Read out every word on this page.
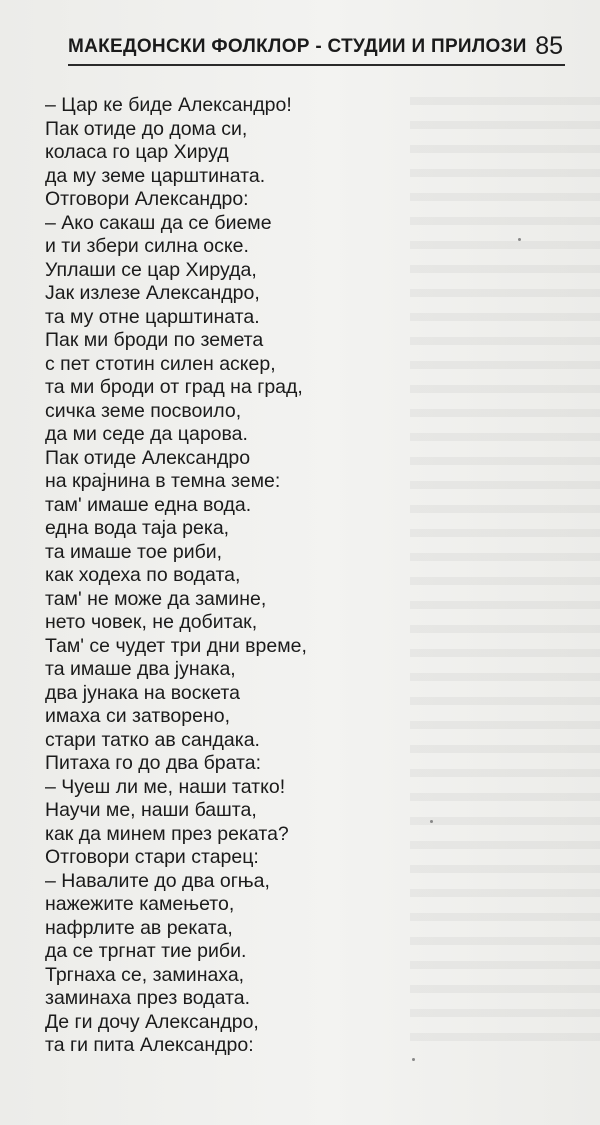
МАКЕДОНСКИ ФОЛКЛОР - СТУДИИ И ПРИЛОЗИ 85
– Цар ке биде Александро!
Пак отиде до дома си,
колаcа го цар Хируд
да му земе царштината.
Отговори Александро:
– Ако сакаш да се биеме
и ти збери силна оске.
Уплаши се цар Хируда,
Јак излезе Александро,
та му отне царштината.
Пак ми броди по земета
с пет стотин силен аскер,
та ми броди от град на град,
сичка земе посвоило,
да ми седе да царова.
Пак отиде Александро
на крајнина в темна земе:
там' имаше една вода.
една вода таја река,
та имаше тое риби,
как ходеха по водата,
там' не може да замине,
нето човек, не добитак,
Там' се чудет три дни време,
та имаше два јунака,
два јунака на воскета
имаха си затворено,
стари татко ав сандака.
Питаха го до два брата:
– Чуеш ли ме, наши татко!
Научи ме, наши башта,
как да минем през реката?
Отговори стари старец:
– Навалите до два огња,
нажежите камењето,
нафрлите ав реката,
да се тргнат тие риби.
Тргнаха се, заминаха,
заминаха през водата.
Де ги дочу Александро,
та ги пита Александро:
